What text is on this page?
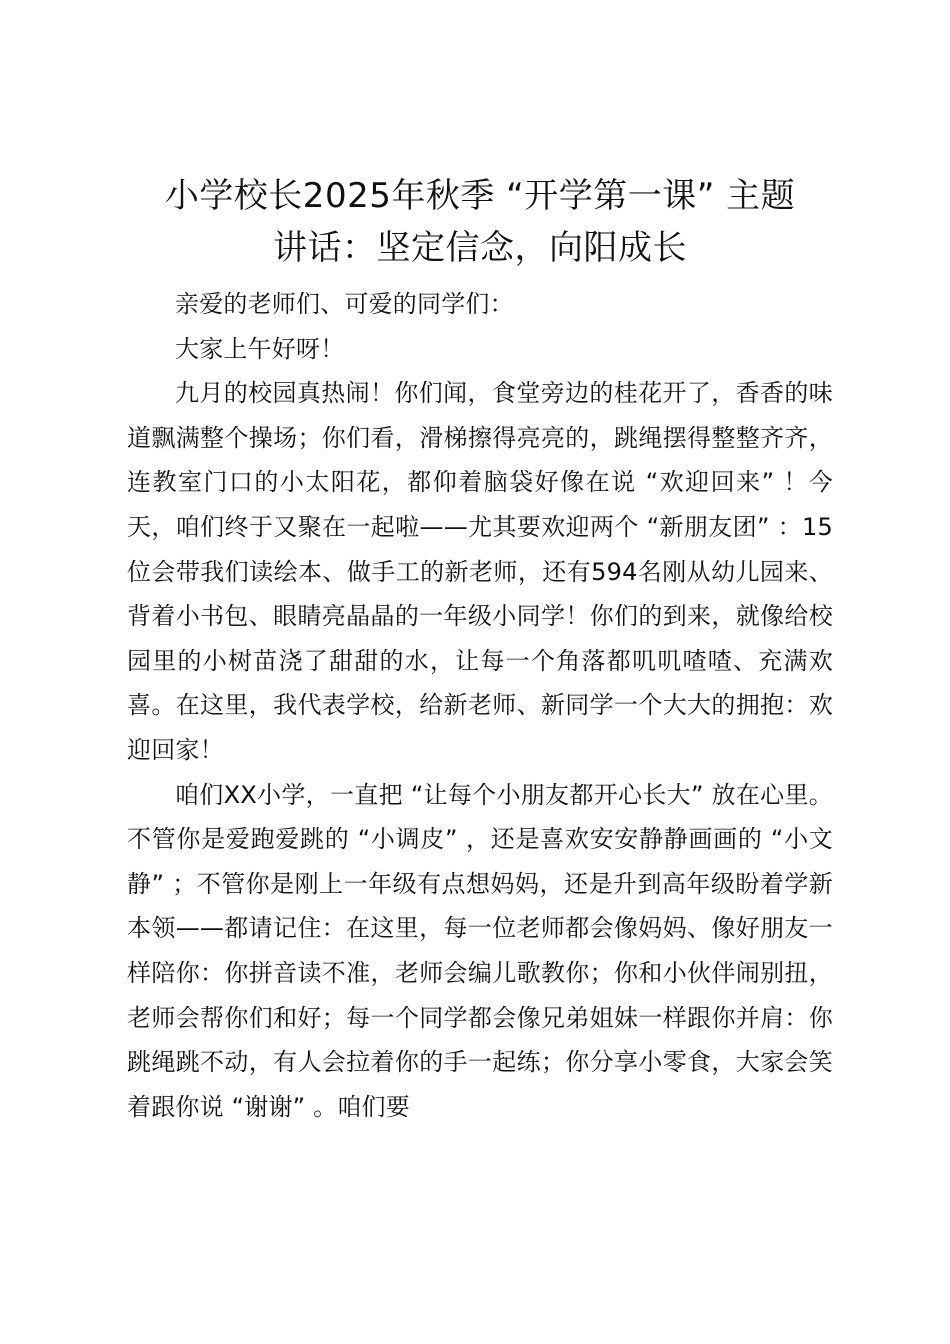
小学校长2025年秋季 “开学第一课” 主题
讲话：坚定信念，向阳成长

亲爱的老师们、可爱的同学们：

大家上午好呀！

九月的校园真热闹！你们闻，食堂旁边的桂花开了，香香的味道飘满整个操场；你们看，滑梯擦得亮亮的，跳绳摆得整整齐齐，连教室门口的小太阳花，都仰着脑袋好像在说 “欢迎回来” ！今天，咱们终于又聚在一起啦——尤其要欢迎两个 “新朋友团” ：15位会带我们读绘本、做手工的新老师，还有594名刚从幼儿园来、背着小书包、眼睛亮晶晶的一年级小同学！你们的到来，就像给校园里的小树苗浇了甜甜的水，让每一个角落都叽叽喳喳、充满欢喜。在这里，我代表学校，给新老师、新同学一个大大的拥抱：欢迎回家！

咱们XX小学，一直把 “让每个小朋友都开心长大” 放在心里。不管你是爱跑爱跳的 “小调皮” ，还是喜欢安安静静画画的 “小文静” ；不管你是刚上一年级有点想妈妈，还是升到高年级盼着学新本领——都请记住：在这里，每一位老师都会像妈妈、像好朋友一样陪你：你拼音读不准，老师会编儿歌教你；你和小伙伴闹别扭，老师会帮你们和好；每一个同学都会像兄弟姐妹一样跟你并肩：你跳绳跳不动，有人会拉着你的手一起练；你分享小零食，大家会笑着跟你说 “谢谢” 。咱们要
